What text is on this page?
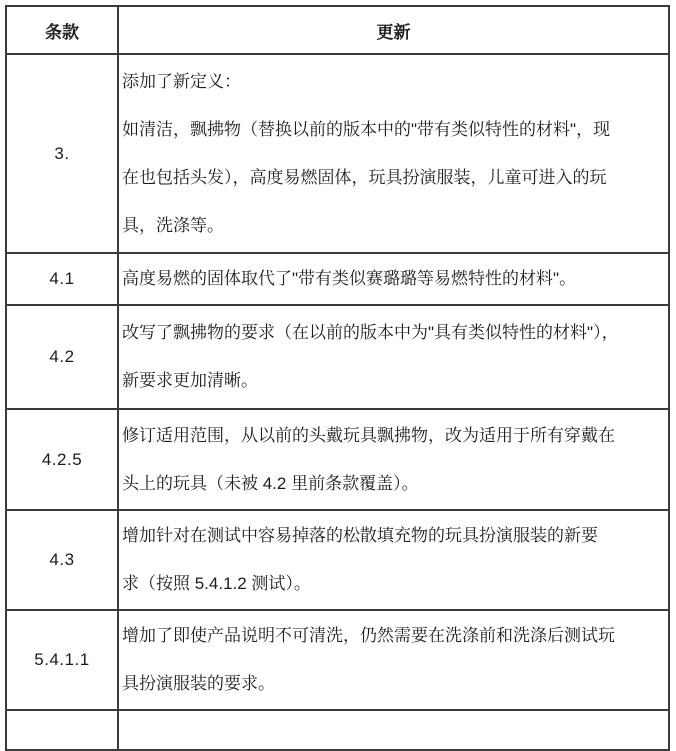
条款	更新
3.	添加了新定义：
如清洁，飘拂物（替换以前的版本中的"带有类似特性的材料"，现
在也包括头发），高度易燃固体，玩具扮演服装，儿童可进入的玩
具，洗涤等。

4.1	高度易燃的固体取代了"带有类似赛璐璐等易燃特性的材料"。

4.2	改写了飘拂物的要求（在以前的版本中为"具有类似特性的材料"），
新要求更加清晰。

4.2.5	修订适用范围，从以前的头戴玩具飘拂物，改为适用于所有穿戴在
头上的玩具（未被 4.2 里前条款覆盖）。

4.3	增加针对在测试中容易掉落的松散填充物的玩具扮演服装的新要
求（按照 5.4.1.2 测试）。

5.4.1.1	增加了即使产品说明不可清洗，仍然需要在洗涤前和洗涤后测试玩
具扮演服装的要求。
